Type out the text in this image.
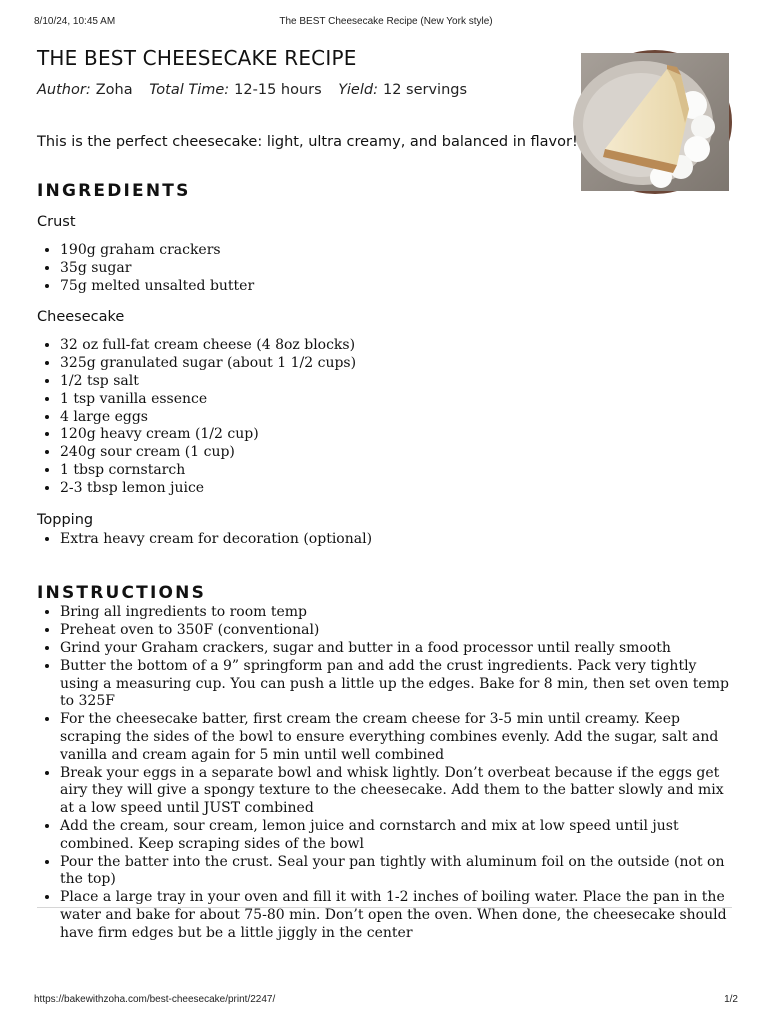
8/10/24, 10:45 AM	The BEST Cheesecake Recipe (New York style)
THE BEST CHEESECAKE RECIPE
Author: Zoha Total Time: 12-15 hours Yield: 12 servings
This is the perfect cheesecake: light, ultra creamy, and balanced in flavor!
INGREDIENTS
Crust
• 190g graham crackers
• 35g sugar
• 75g melted unsalted butter
Cheesecake
• 32 oz full-fat cream cheese (4 8oz blocks)
• 325g granulated sugar (about 1 1/2 cups)
• 1/2 tsp salt
• 1 tsp vanilla essence
• 4 large eggs
• 120g heavy cream (1/2 cup)
• 240g sour cream (1 cup)
• 1 tbsp cornstarch
• 2-3 tbsp lemon juice
Topping
• Extra heavy cream for decoration (optional)
INSTRUCTIONS
• Bring all ingredients to room temp
• Preheat oven to 350F (conventional)
• Grind your Graham crackers, sugar and butter in a food processor until really smooth
• Butter the bottom of a 9” springform pan and add the crust ingredients. Pack very tightly using a measuring cup. You can push a little up the edges. Bake for 8 min, then set oven temp to 325F
• For the cheesecake batter, first cream the cream cheese for 3-5 min until creamy. Keep scraping the sides of the bowl to ensure everything combines evenly. Add the sugar, salt and vanilla and cream again for 5 min until well combined
• Break your eggs in a separate bowl and whisk lightly. Don’t overbeat because if the eggs get airy they will give a spongy texture to the cheesecake. Add them to the batter slowly and mix at a low speed until JUST combined
• Add the cream, sour cream, lemon juice and cornstarch and mix at low speed until just combined. Keep scraping sides of the bowl
• Pour the batter into the crust. Seal your pan tightly with aluminum foil on the outside (not on the top)
• Place a large tray in your oven and fill it with 1-2 inches of boiling water. Place the pan in the water and bake for about 75-80 min. Don’t open the oven. When done, the cheesecake should have firm edges but be a little jiggly in the center
https://bakewithzoha.com/best-cheesecake/print/2247/	1/2
